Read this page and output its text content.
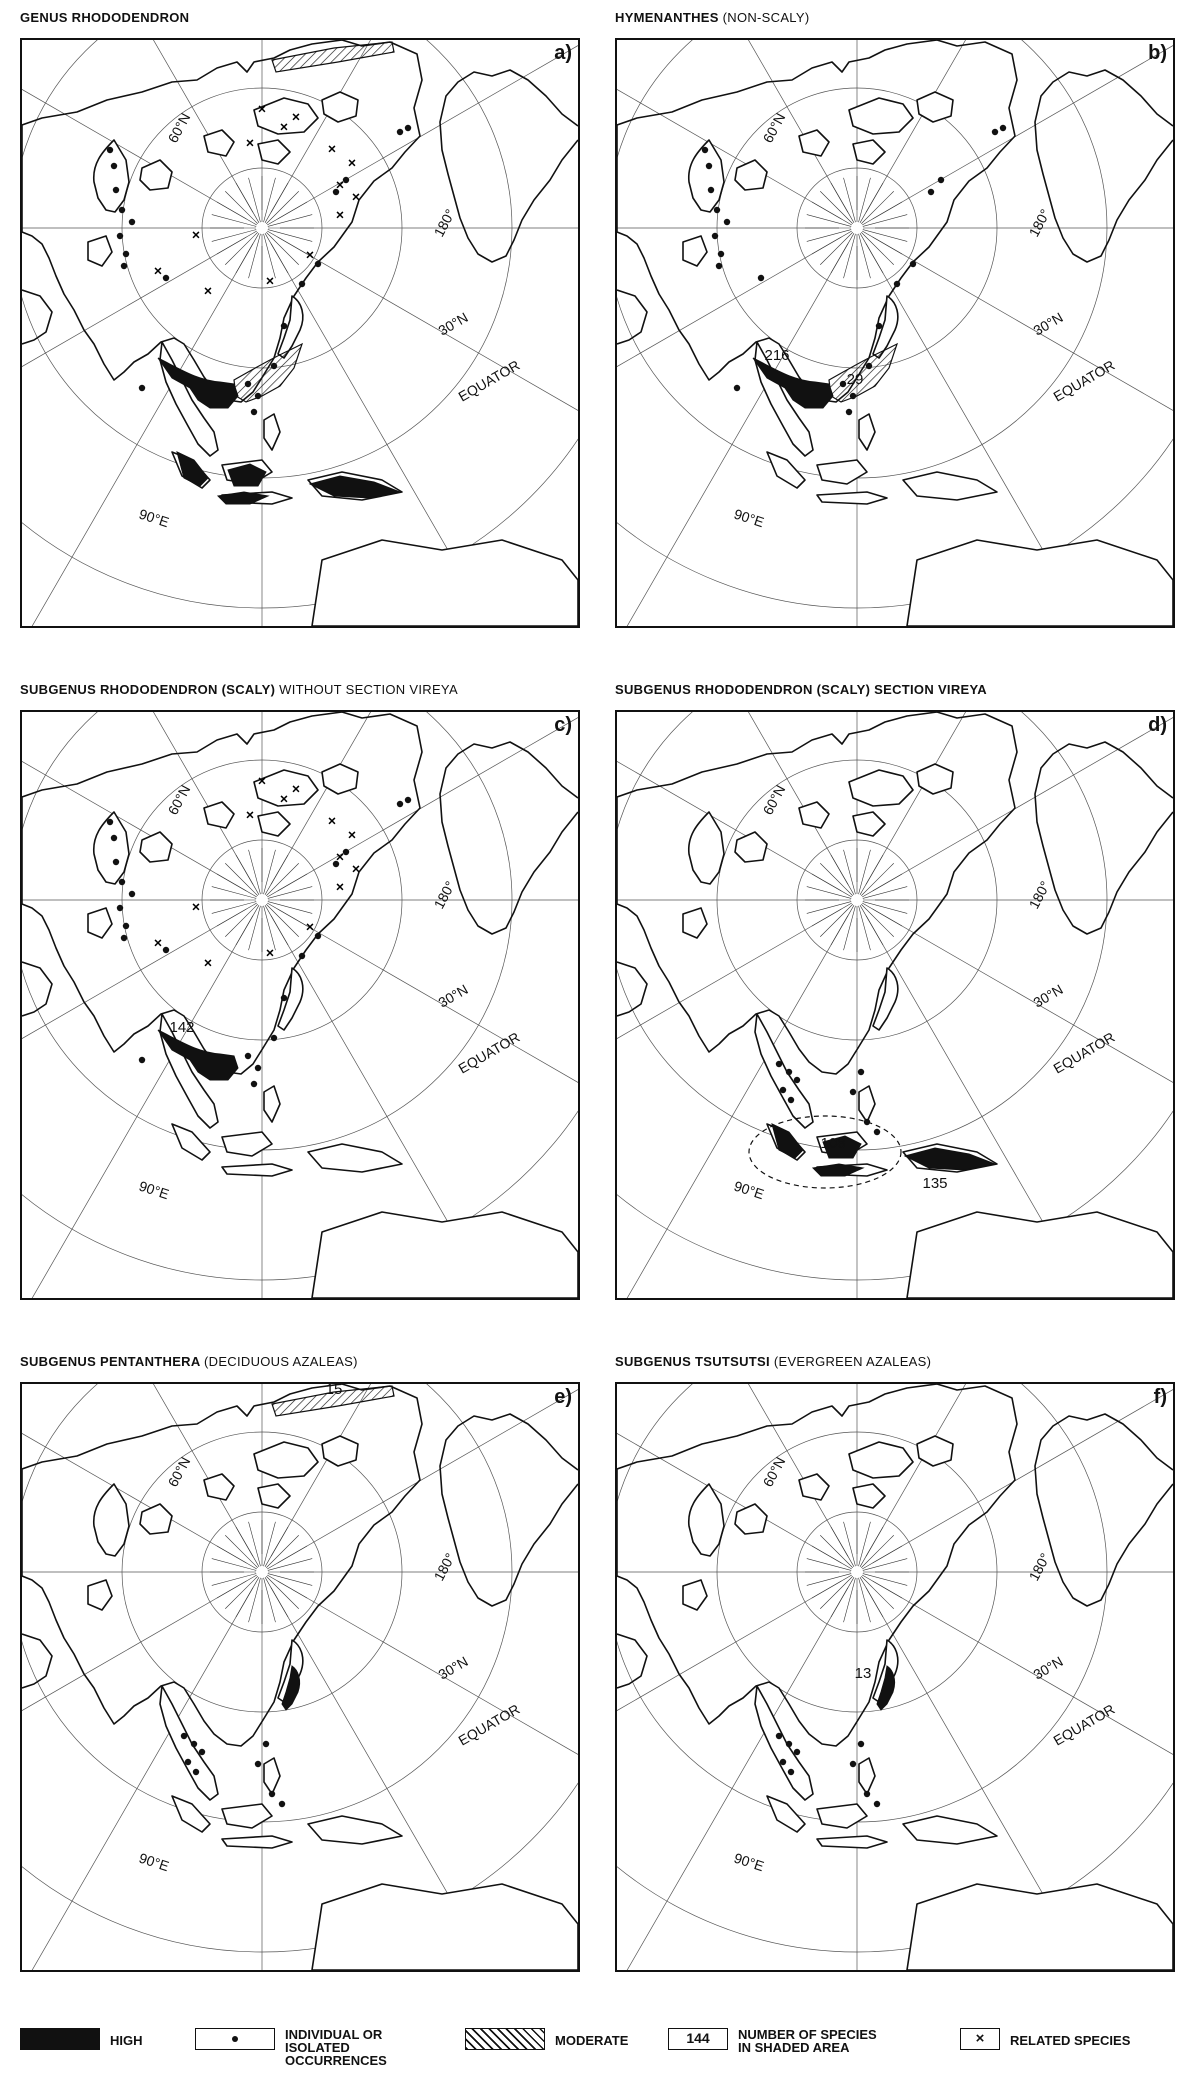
GENUS RHODODENDRON
× ×
×
×	×
×
×
×
×
×
×
×
×
×
60°N
30°N
180°
90°E
EQUATOR
a)
HYMENANTHES (NON-SCALY)
216
29
60°N
30°N
180°
90°E
EQUATOR
b)
SUBGENUS RHODODENDRON (SCALY) WITHOUT SECTION VIREYA
× ×
×
×	×
×
×
×
×
×
×
×
×
×
142
60°N
30°N
180°
90°E
EQUATOR
c)
SUBGENUS RHODODENDRON (SCALY) SECTION VIREYA
108
135
60°N
30°N
180°
90°E
EQUATOR
d)
SUBGENUS PENTANTHERA (DECIDUOUS AZALEAS)
15
60°N
30°N
180°
90°E
EQUATOR
e)
SUBGENUS TSUTSUTSI (EVERGREEN AZALEAS)
13
60°N
30°N
180°
90°E
EQUATOR
f)
HIGH	INDIVIDUAL OR
ISOLATED
OCCURRENCES
MODERATE	144	NUMBER OF SPECIES
IN SHADED AREA
×	RELATED SPECIES
